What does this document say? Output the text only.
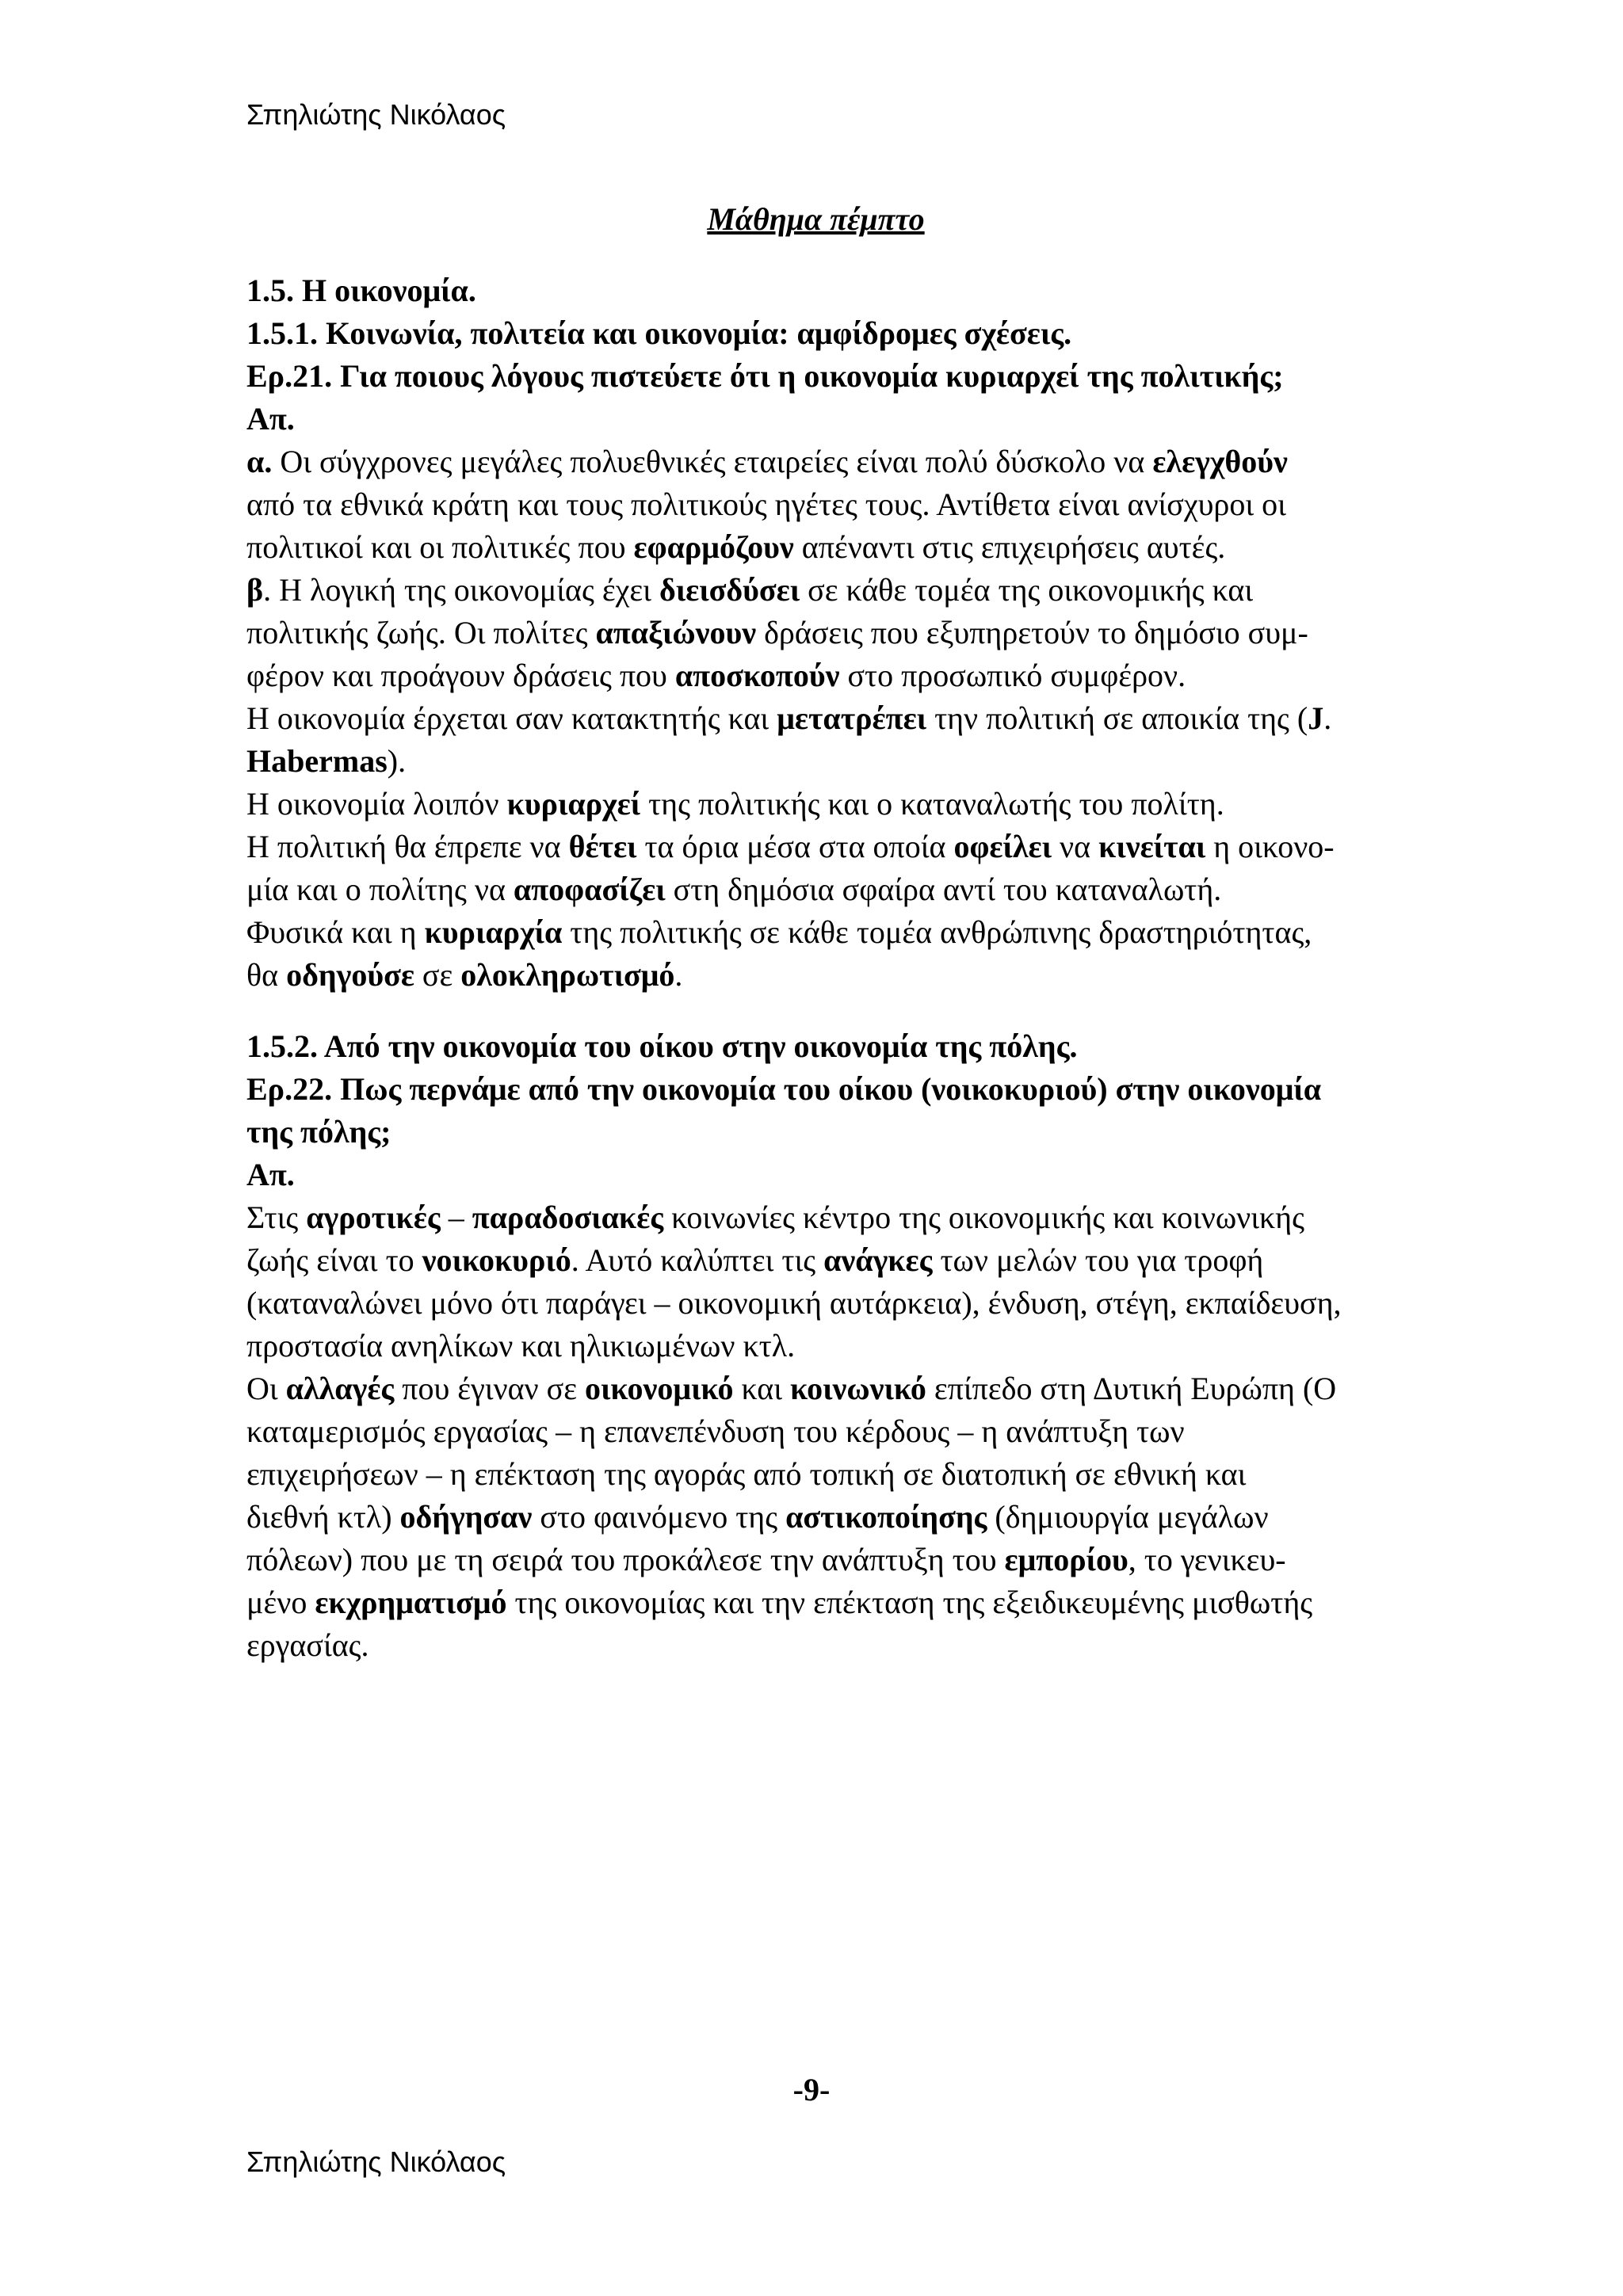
Σπηλιώτης Νικόλαος
Μάθημα πέμπτο
1.5. Η οικονομία.
1.5.1. Κοινωνία, πολιτεία και οικονομία: αμφίδρομες σχέσεις.
Ερ.21. Για ποιους λόγους πιστεύετε ότι η οικονομία κυριαρχεί της πολιτικής;
Απ.
α. Οι σύγχρονες μεγάλες πολυεθνικές εταιρείες είναι πολύ δύσκολο να ελεγχθούν
από τα εθνικά κράτη και τους πολιτικούς ηγέτες τους. Αντίθετα είναι ανίσχυροι οι
πολιτικοί και οι πολιτικές που εφαρμόζουν απέναντι στις επιχειρήσεις αυτές.
β. Η λογική της οικονομίας έχει διεισδύσει σε κάθε τομέα της οικονομικής και
πολιτικής ζωής. Οι πολίτες απαξιώνουν δράσεις που εξυπηρετούν το δημόσιο συμ-
φέρον και προάγουν δράσεις που αποσκοπούν στο προσωπικό συμφέρον.
Η οικονομία έρχεται σαν κατακτητής και μετατρέπει την πολιτική σε αποικία της (J.
Habermas).
Η οικονομία λοιπόν κυριαρχεί της πολιτικής και ο καταναλωτής του πολίτη.
Η πολιτική θα έπρεπε να θέτει τα όρια μέσα στα οποία οφείλει να κινείται η οικονο-
μία και ο πολίτης να αποφασίζει στη δημόσια σφαίρα αντί του καταναλωτή.
Φυσικά και η κυριαρχία της πολιτικής σε κάθε τομέα ανθρώπινης δραστηριότητας,
θα οδηγούσε σε ολοκληρωτισμό.
1.5.2. Από την οικονομία του οίκου στην οικονομία της πόλης.
Ερ.22. Πως περνάμε από την οικονομία του οίκου (νοικοκυριού) στην οικονομία
της πόλης;
Απ.
Στις αγροτικές – παραδοσιακές κοινωνίες κέντρο της οικονομικής και κοινωνικής
ζωής είναι το νοικοκυριό. Αυτό καλύπτει τις ανάγκες των μελών του για τροφή
(καταναλώνει μόνο ότι παράγει – οικονομική αυτάρκεια), ένδυση, στέγη, εκπαίδευση,
προστασία ανηλίκων και ηλικιωμένων κτλ.
Οι αλλαγές που έγιναν σε οικονομικό και κοινωνικό επίπεδο στη Δυτική Ευρώπη (Ο
καταμερισμός εργασίας – η επανεπένδυση του κέρδους – η ανάπτυξη των
επιχειρήσεων – η επέκταση της αγοράς από τοπική σε διατοπική σε εθνική και
διεθνή κτλ) οδήγησαν στο φαινόμενο της αστικοποίησης (δημιουργία μεγάλων
πόλεων) που με τη σειρά του προκάλεσε την ανάπτυξη του εμπορίου, το γενικευ-
μένο εκχρηματισμό της οικονομίας και την επέκταση της εξειδικευμένης μισθωτής
εργασίας.
-9-
Σπηλιώτης Νικόλαος
